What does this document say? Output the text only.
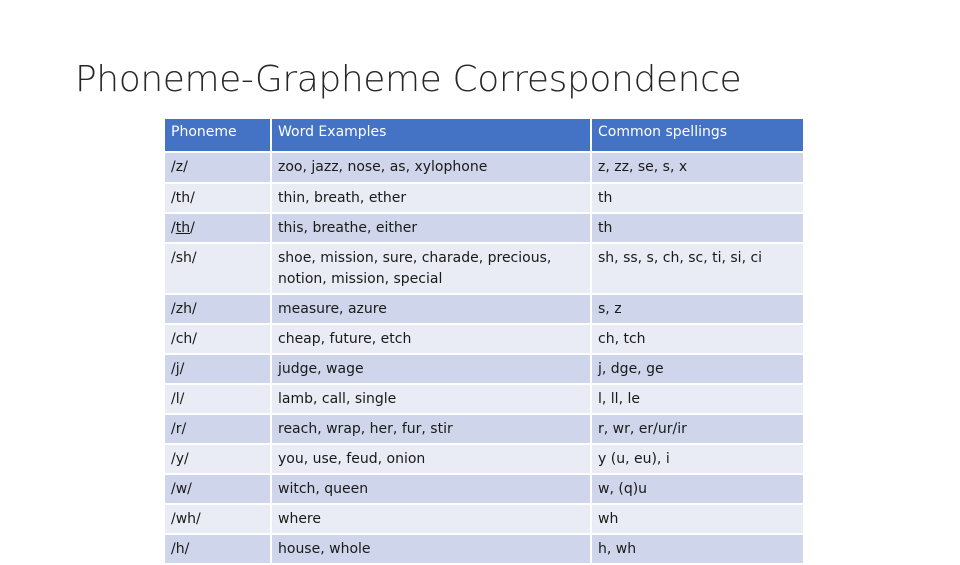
Phoneme-Grapheme Correspondence
Phoneme	Word Examples	Common spellings
/z/	zoo, jazz, nose, as, xylophone	z, zz, se, s, x
/th/	thin, breath, ether	th
/th/	this, breathe, either	th
/sh/	shoe, mission, sure, charade, precious, notion, mission, special	sh, ss, s, ch, sc, ti, si, ci
/zh/	measure, azure	s, z
/ch/	cheap, future, etch	ch, tch
/j/	judge, wage	j, dge, ge
/l/	lamb, call, single	l, ll, le
/r/	reach, wrap, her, fur, stir	r, wr, er/ur/ir
/y/	you, use, feud, onion	y (u, eu), i
/w/	witch, queen	w, (q)u
/wh/	where	wh
/h/	house, whole	h, wh
